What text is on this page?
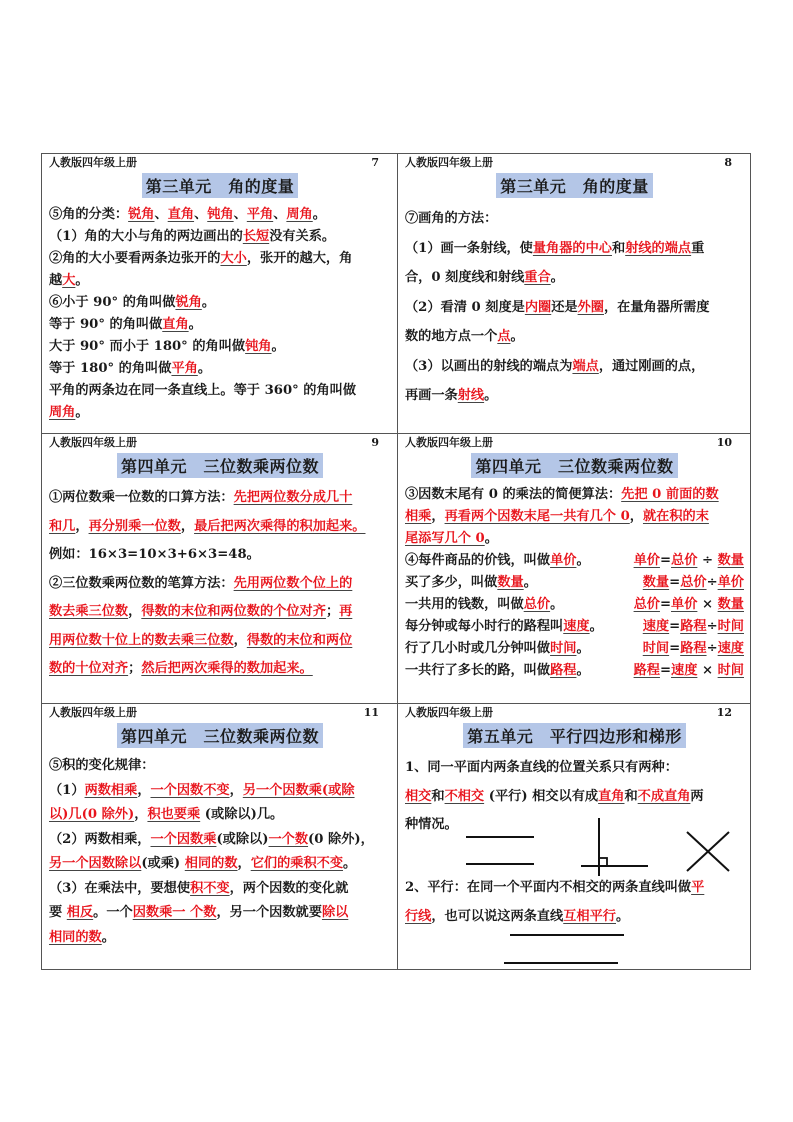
人教版四年级上册	7
第三单元　角的度量
⑤角的分类：锐角、直角、钝角、平角、周角。
（1）角的大小与角的两边画出的长短没有关系。
②角的大小要看两条边张开的大小，张开的越大，角
越大。
⑥小于 90° 的角叫做锐角。
等于 90° 的角叫做直角。
大于 90° 而小于 180° 的角叫做钝角。
等于 180° 的角叫做平角。
平角的两条边在同一条直线上。等于 360° 的角叫做
周角。
人教版四年级上册	8
第三单元　角的度量
⑦画角的方法：
（1）画一条射线，使量角器的中心和射线的端点重
合，0 刻度线和射线重合。
（2）看清 0 刻度是内圈还是外圈，在量角器所需度
数的地方点一个点。
（3）以画出的射线的端点为端点，通过刚画的点，
再画一条射线。
人教版四年级上册	9
第四单元　三位数乘两位数
①两位数乘一位数的口算方法：先把两位数分成几十
和几，再分别乘一位数，最后把两次乘得的积加起来。
例如：16×3=10×3+6×3=48。
②三位数乘两位数的笔算方法：先用两位数个位上的
数去乘三位数，得数的末位和两位数的个位对齐；再
用两位数十位上的数去乘三位数，得数的末位和两位
数的十位对齐；然后把两次乘得的数加起来。
人教版四年级上册	10
第四单元　三位数乘两位数
③因数末尾有 0 的乘法的简便算法：先把 0 前面的数
相乘，再看两个因数末尾一共有几个 0，就在积的末
尾添写几个 0。
④每件商品的价钱，叫做单价。	单价=总价 ÷ 数量
买了多少，叫做数量。	数量=总价÷单价
一共用的钱数，叫做总价。	总价=单价 × 数量
每分钟或每小时行的路程叫速度。	速度=路程÷时间
行了几小时或几分钟叫做时间。	时间=路程÷速度
一共行了多长的路，叫做路程。	路程=速度 × 时间
人教版四年级上册	11
第四单元　三位数乘两位数
⑤积的变化规律：
（1）两数相乘，一个因数不变，另一个因数乘(或除
以)几(0 除外)，积也要乘 (或除以)几。
（2）两数相乘，一个因数乘(或除以)一个数(0 除外)，
另一个因数除以(或乘) 相同的数，它们的乘积不变。
（3）在乘法中，要想使积不变，两个因数的变化就
要 相反。一个因数乘一 个数，另一个因数就要除以
相同的数。
人教版四年级上册	12
第五单元　平行四边形和梯形
1、同一平面内两条直线的位置关系只有两种：
相交和不相交 (平行) 相交以有成直角和不成直角两
种情况。
2、平行：在同一个平面内不相交的两条直线叫做平
行线，也可以说这两条直线互相平行。
